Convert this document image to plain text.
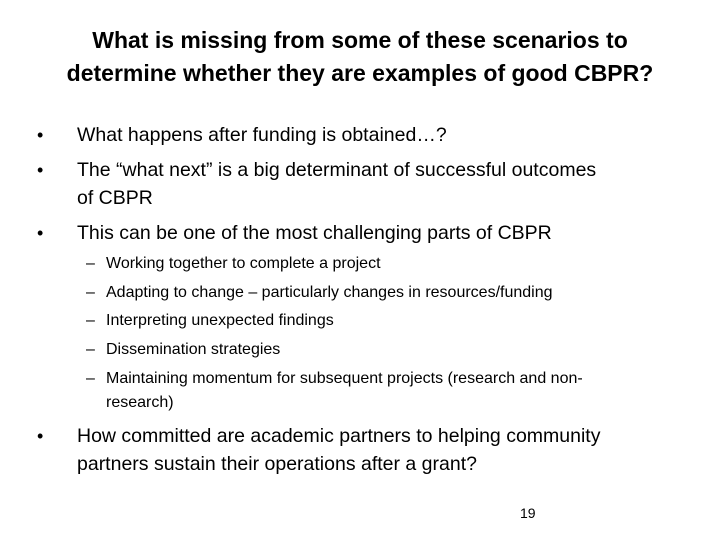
What is missing from some of these scenarios to
determine whether they are examples of good CBPR?
• What happens after funding is obtained…?
• The “what next” is a big determinant of successful outcomes
of CBPR
• This can be one of the most challenging parts of CBPR
– Working together to complete a project
– Adapting to change – particularly changes in resources/funding
– Interpreting unexpected findings
– Dissemination strategies
– Maintaining momentum for subsequent projects (research and non-
research)
• How committed are academic partners to helping community
partners sustain their operations after a grant?
19
